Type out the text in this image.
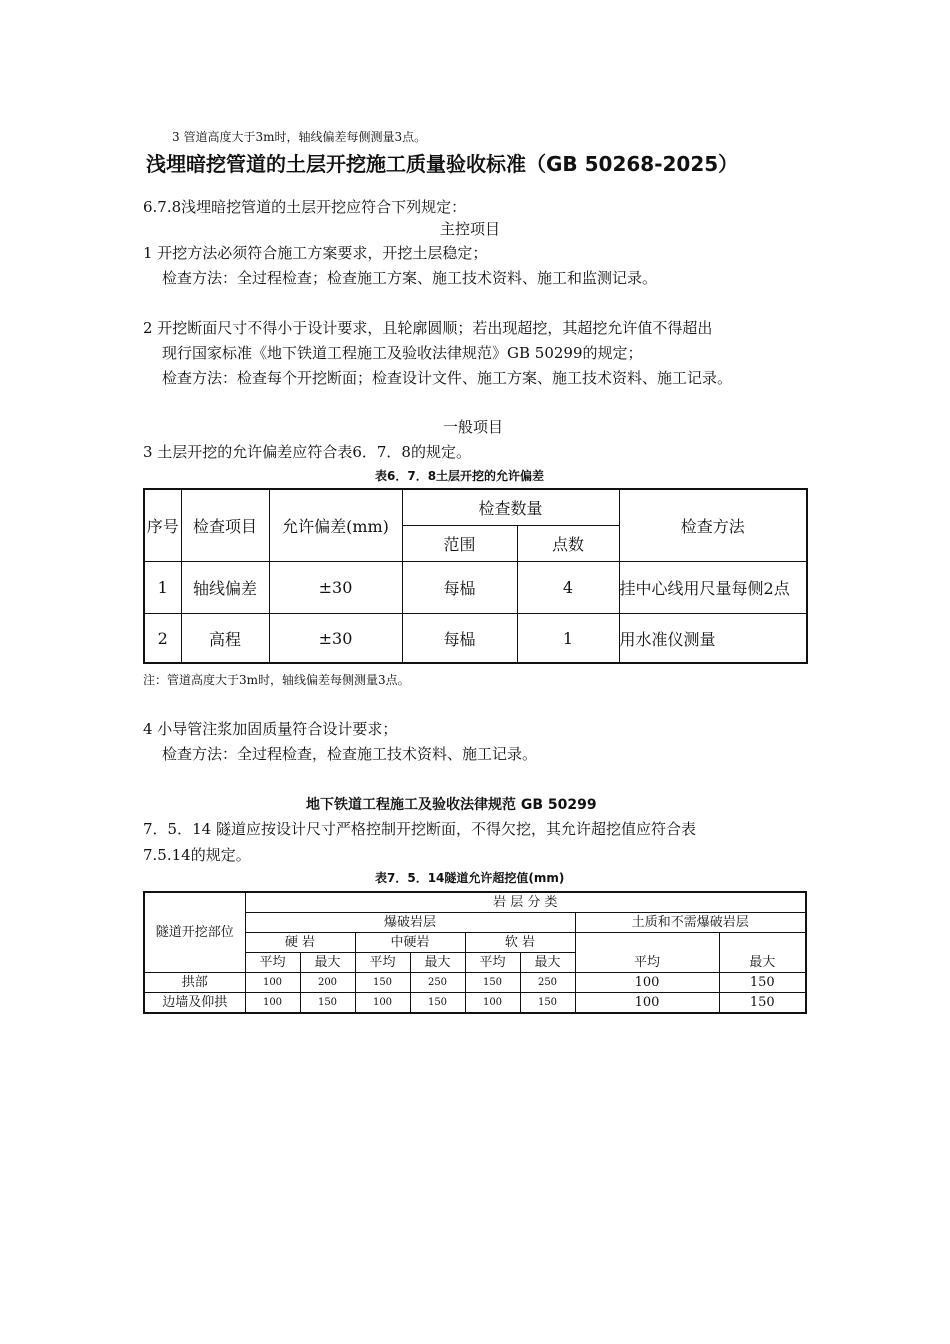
3 管道高度大于3m时，轴线偏差每侧测量3点。
浅埋暗挖管道的土层开挖施工质量验收标准（GB 50268-2025）
6.7.8浅埋暗挖管道的土层开挖应符合下列规定：
主控项目
1 开挖方法必须符合施工方案要求，开挖土层稳定；
检查方法：全过程检查；检查施工方案、施工技术资料、施工和监测记录。
2 开挖断面尺寸不得小于设计要求，且轮廓圆顺；若出现超挖，其超挖允许值不得超出
现行国家标准《地下铁道工程施工及验收法律规范》GB 50299的规定；
检查方法：检查每个开挖断面；检查设计文件、施工方案、施工技术资料、施工记录。
一般项目
3 土层开挖的允许偏差应符合表6．7．8的规定。
表6．7．8土层开挖的允许偏差
序号	检查项目	允许偏差(mm)	检查数量		检查方法
			范围	点数	
1	轴线偏差	±30	每榀	4	挂中心线用尺量每侧2点
2	高程	±30	每榀	1	用水准仪测量
注：管道高度大于3m时，轴线偏差每侧测量3点。
4 小导管注浆加固质量符合设计要求；
检查方法：全过程检查，检查施工技术资料、施工记录。
地下铁道工程施工及验收法律规范 GB 50299
7．5．14 隧道应按设计尺寸严格控制开挖断面，不得欠挖，其允许超挖值应符合表
7.5.14的规定。
表7．5．14隧道允许超挖值(mm)
隧道开挖部位	岩 层 分 类							
	爆破岩层						土质和不需爆破岩层	
	硬 岩		中硬岩		软 岩		平均	最大
	平均	最大	平均	最大	平均	最大		
拱部	100	200	150	250	150	250	100	150
边墙及仰拱	100	150	100	150	100	150	100	150
